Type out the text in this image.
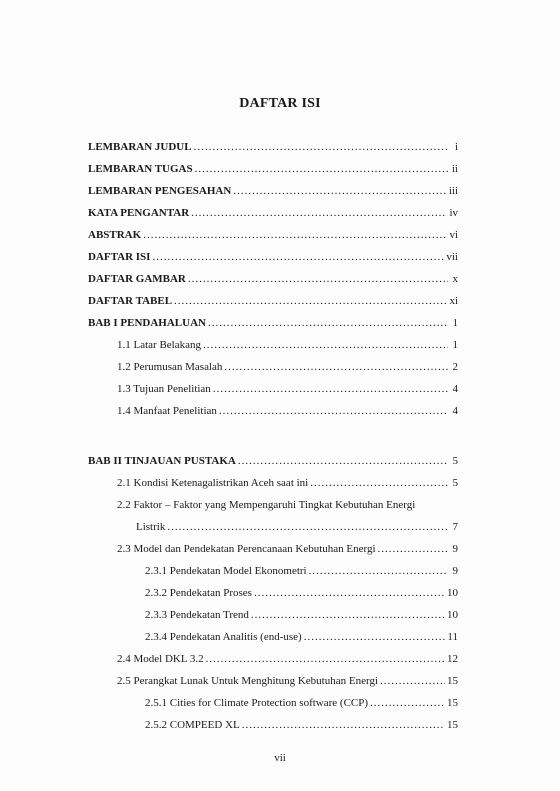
DAFTAR ISI
LEMBARAN JUDUL .....	i
LEMBARAN TUGAS .....	ii
LEMBARAN PENGESAHAN .....	iii
KATA PENGANTAR .....	iv
ABSTRAK .....	vi
DAFTAR ISI .....	vii
DAFTAR GAMBAR .....	x
DAFTAR TABEL .....	xi
BAB I PENDAHALUAN .....	1
1.1 Latar Belakang .....	1
1.2 Perumusan Masalah .....	2
1.3 Tujuan Penelitian .....	4
1.4 Manfaat Penelitian .....	4
BAB II TINJAUAN PUSTAKA .....	5
2.1 Kondisi Ketenagalistrikan Aceh saat ini .....	5
2.2 Faktor – Faktor yang Mempengaruhi Tingkat Kebutuhan Energi
Listrik .....	7
2.3 Model dan Pendekatan Perencanaan Kebutuhan Energi .....	9
2.3.1 Pendekatan Model Ekonometri .....	9
2.3.2 Pendekatan Proses .....	10
2.3.3 Pendekatan Trend .....	10
2.3.4 Pendekatan Analitis (end-use) .....	11
2.4 Model DKL 3.2 .....	12
2.5 Perangkat Lunak Untuk Menghitung Kebutuhan Energi .....	15
2.5.1 Cities for Climate Protection software (CCP) .....	15
2.5.2 COMPEED XL .....	15
vii
